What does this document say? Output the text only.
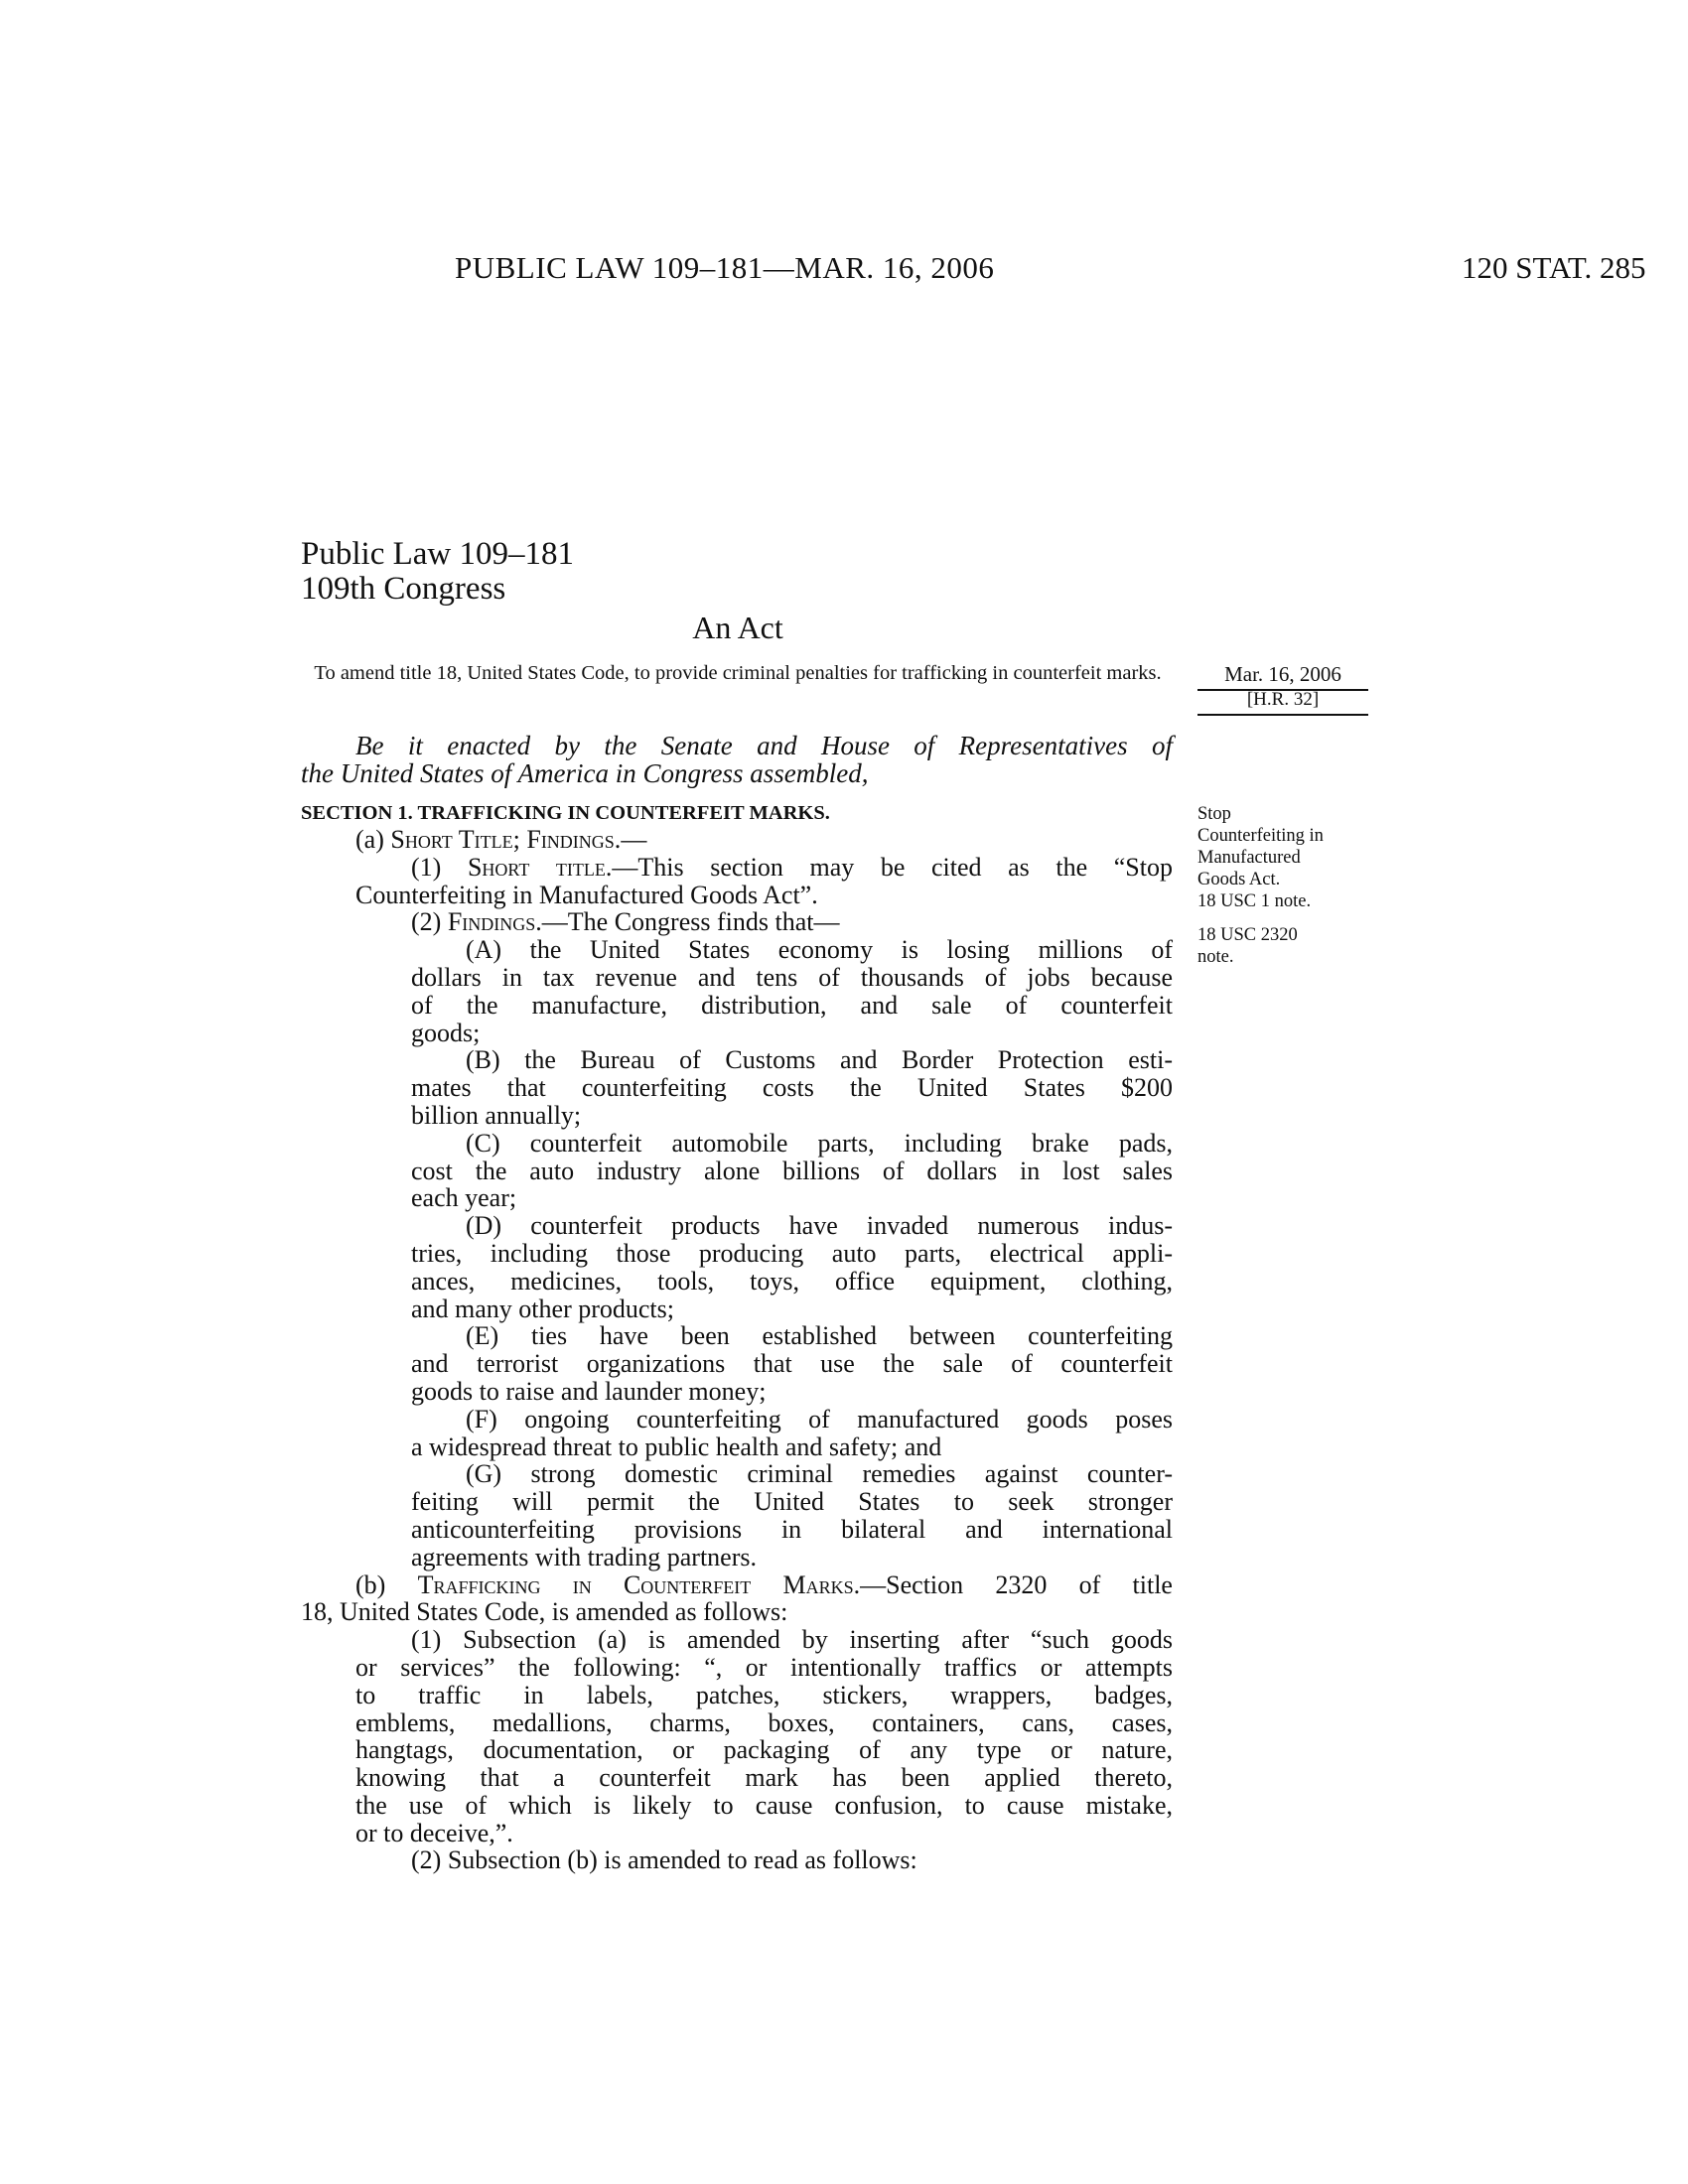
PUBLIC LAW 109–181—MAR. 16, 2006	120 STAT. 285
Public Law 109–181
109th Congress
An Act
To amend title 18, United States Code, to provide criminal penalties for trafficking in counterfeit marks.	Mar. 16, 2006
[H.R. 32]
Be it enacted by the Senate and House of Representatives of
the United States of America in Congress assembled,
SECTION 1. TRAFFICKING IN COUNTERFEIT MARKS.	Stop
Counterfeiting in
Manufactured
Goods Act.
18 USC 1 note.
18 USC 2320
note.
(a) Short Title; Findings.—
(1) Short title.—This section may be cited as the “Stop
Counterfeiting in Manufactured Goods Act”.
(2) Findings.—The Congress finds that—
(A) the United States economy is losing millions of
dollars in tax revenue and tens of thousands of jobs because
of the manufacture, distribution, and sale of counterfeit
goods;
(B) the Bureau of Customs and Border Protection esti-
mates that counterfeiting costs the United States $200
billion annually;
(C) counterfeit automobile parts, including brake pads,
cost the auto industry alone billions of dollars in lost sales
each year;
(D) counterfeit products have invaded numerous indus-
tries, including those producing auto parts, electrical appli-
ances, medicines, tools, toys, office equipment, clothing,
and many other products;
(E) ties have been established between counterfeiting
and terrorist organizations that use the sale of counterfeit
goods to raise and launder money;
(F) ongoing counterfeiting of manufactured goods poses
a widespread threat to public health and safety; and
(G) strong domestic criminal remedies against counter-
feiting will permit the United States to seek stronger
anticounterfeiting provisions in bilateral and international
agreements with trading partners.
(b) Trafficking in Counterfeit Marks.—Section 2320 of title
18, United States Code, is amended as follows:
(1) Subsection (a) is amended by inserting after “such goods
or services” the following: “, or intentionally traffics or attempts
to traffic in labels, patches, stickers, wrappers, badges,
emblems, medallions, charms, boxes, containers, cans, cases,
hangtags, documentation, or packaging of any type or nature,
knowing that a counterfeit mark has been applied thereto,
the use of which is likely to cause confusion, to cause mistake,
or to deceive,”.
(2) Subsection (b) is amended to read as follows:
